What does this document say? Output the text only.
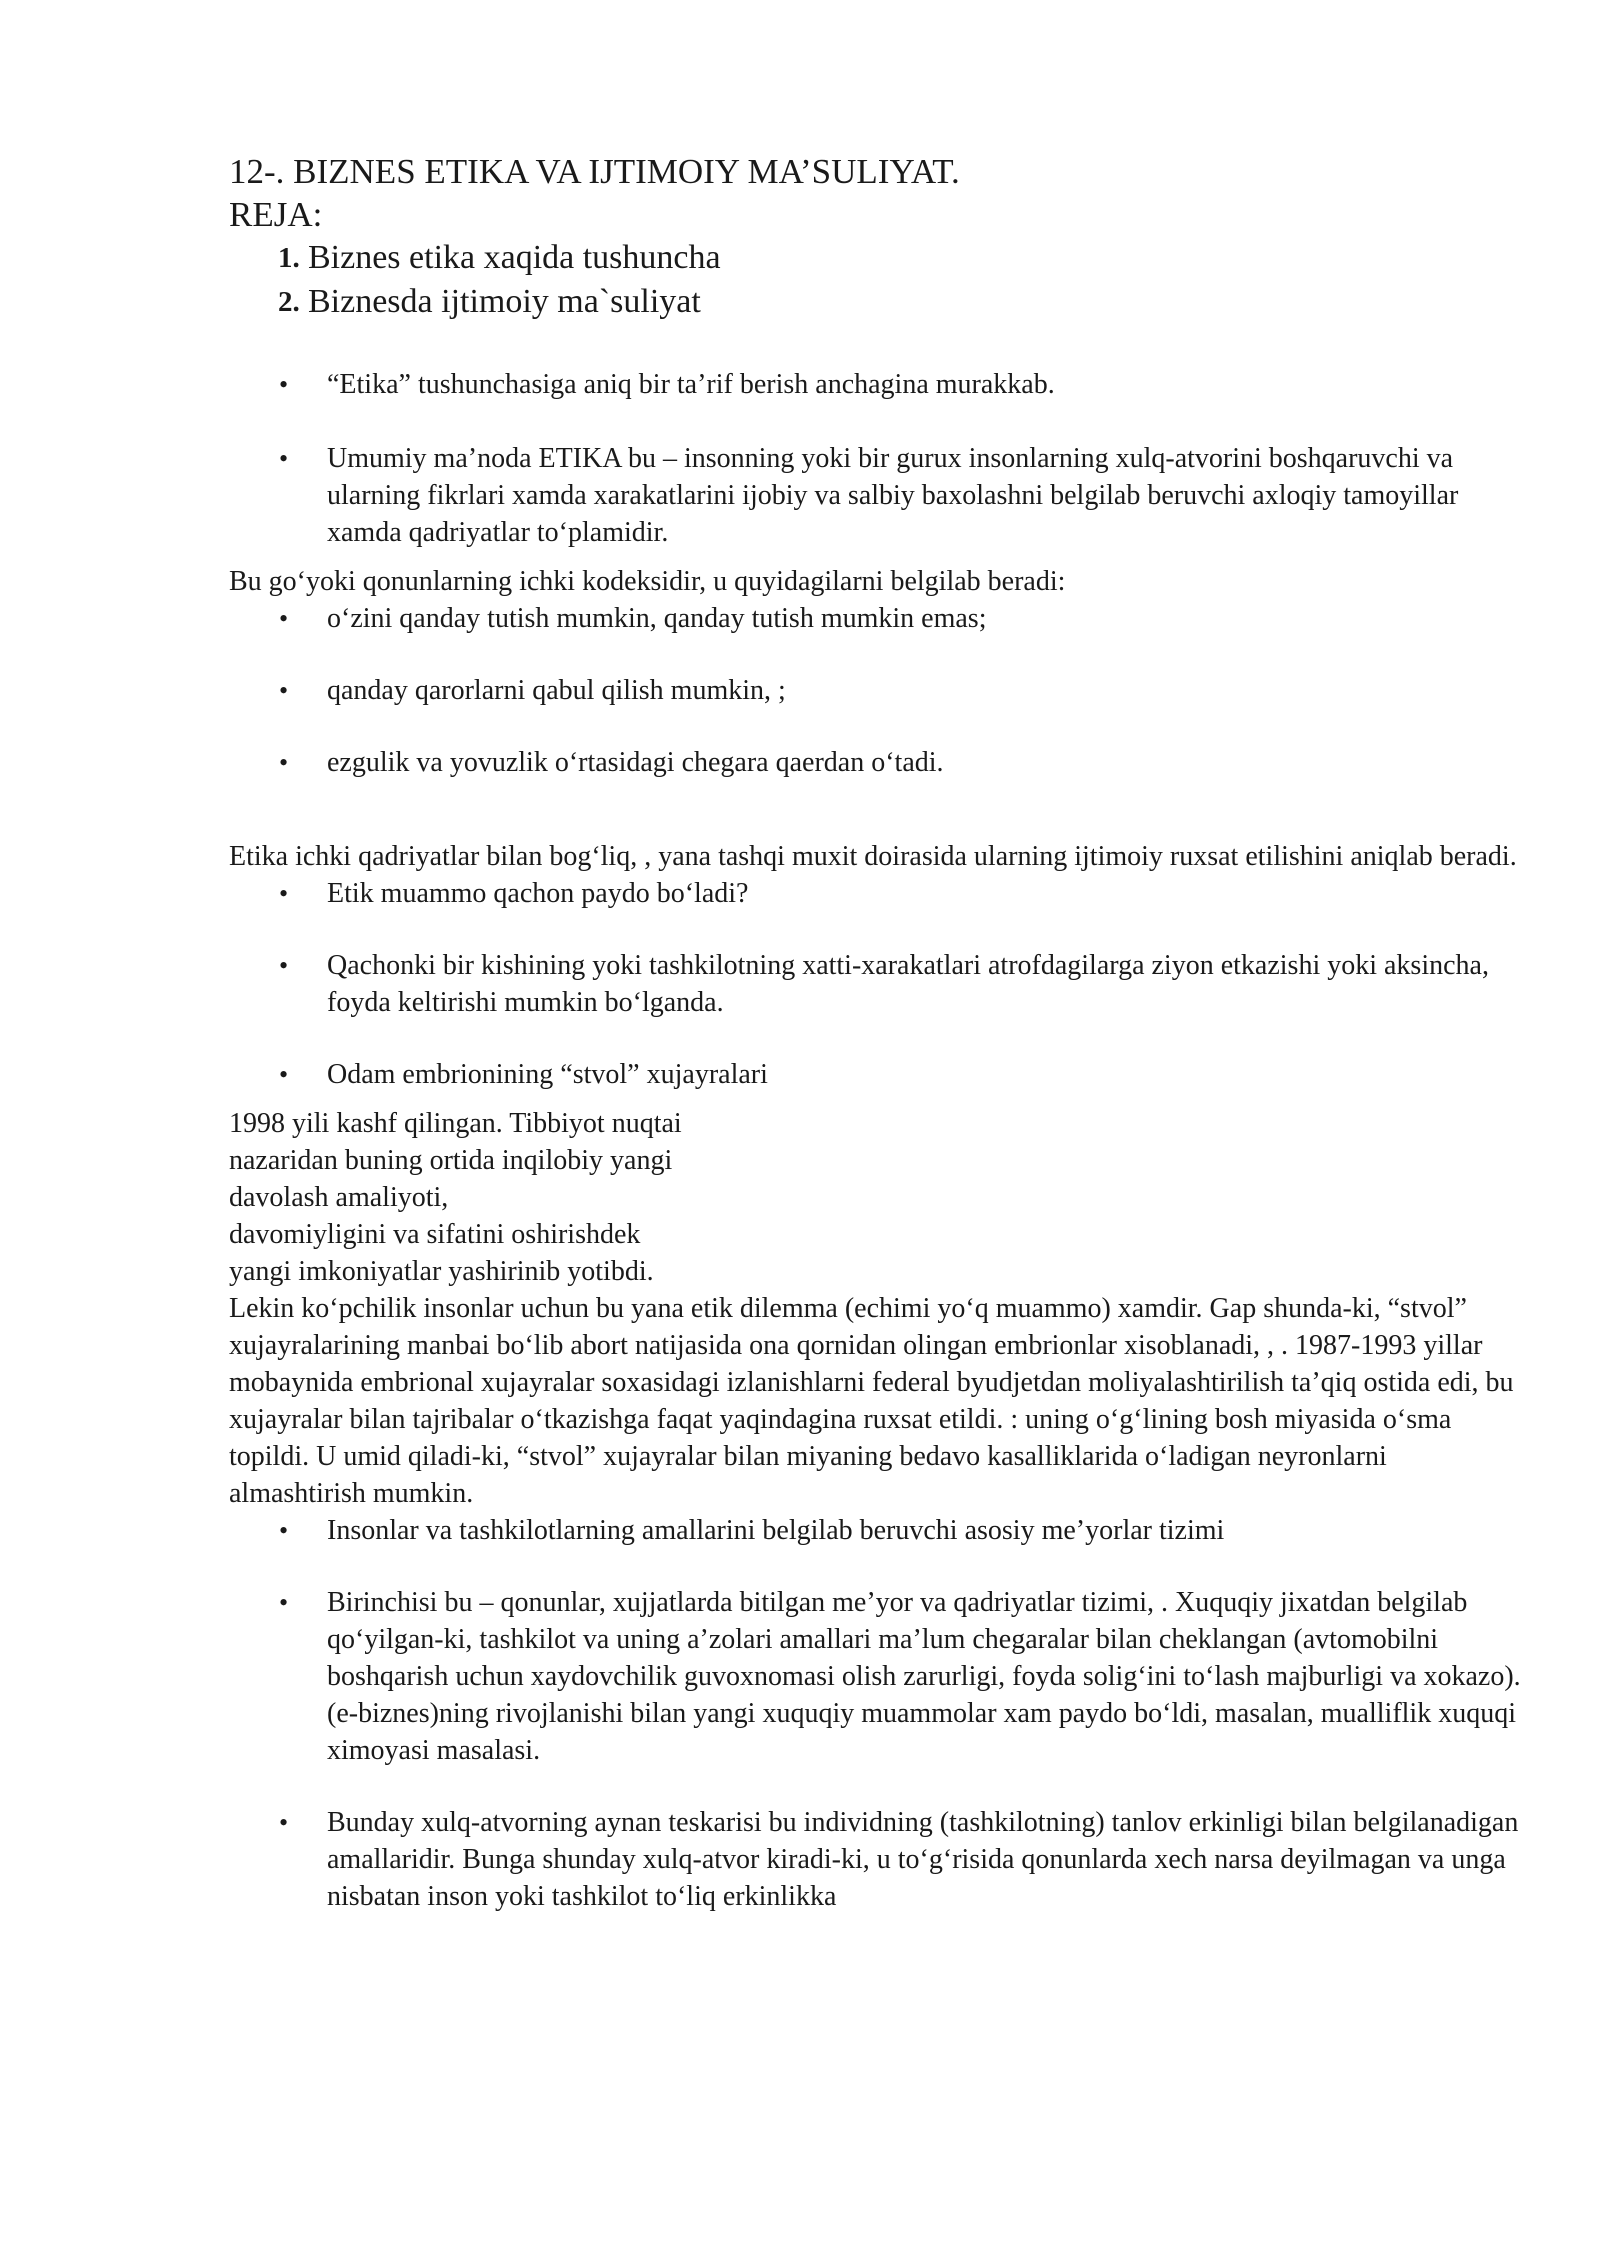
12-. BIZNES ETIKA VA IJTIMOIY MA’SULIYAT.
REJA:
1. Biznes etika xaqida tushuncha
2. Biznesda ijtimoiy ma`suliyat
• “Etika” tushunchasiga aniq bir ta’rif berish anchagina murakkab.
• Umumiy ma’noda ETIKA bu – insonning yoki bir gurux insonlarning xulq-atvorini boshqaruvchi va ularning fikrlari xamda xarakatlarini ijobiy va salbiy baxolashni belgilab beruvchi axloqiy tamoyillar xamda qadriyatlar to‘plamidir.

Bu go‘yoki qonunlarning ichki kodeksidir, u quyidagilarni belgilab beradi:

• o‘zini qanday tutish mumkin, qanday tutish mumkin emas;
• qanday qarorlarni qabul qilish mumkin, ;
• ezgulik va yovuzlik o‘rtasidagi chegara qaerdan o‘tadi.

Etika ichki qadriyatlar bilan bog‘liq, , yana tashqi muxit doirasida ularning ijtimoiy ruxsat etilishini aniqlab beradi.

• Etik muammo qachon paydo bo‘ladi?
• Qachonki bir kishining yoki tashkilotning xatti-xarakatlari atrofdagilarga ziyon etkazishi yoki aksincha, foyda keltirishi mumkin bo‘lganda.
• Odam embrionining “stvol” xujayralari
1998 yili kashf qilingan. Tibbiyot nuqtai
nazaridan buning ortida inqilobiy yangi
davolash amaliyoti,
davomiyligini va sifatini oshirishdek
yangi imkoniyatlar yashirinib yotibdi.

Lekin ko‘pchilik insonlar uchun bu yana etik dilemma (echimi yo‘q muammo) xamdir. Gap shunda-ki, “stvol” xujayralarining manbai bo‘lib abort natijasida ona qornidan olingan embrionlar xisoblanadi, , . 1987-1993 yillar mobaynida embrional xujayralar soxasidagi izlanishlarni federal byudjetdan moliyalashtirilish ta’qiq ostida edi, bu xujayralar bilan tajribalar o‘tkazishga faqat yaqindagina ruxsat etildi. : uning o‘g‘lining bosh miyasida o‘sma topildi. U umid qiladi-ki, “stvol” xujayralar bilan miyaning bedavo kasalliklarida o‘ladigan neyronlarni almashtirish mumkin.

• Insonlar va tashkilotlarning amallarini belgilab beruvchi asosiy me’yorlar tizimi
• Birinchisi bu – qonunlar, xujjatlarda bitilgan me’yor va qadriyatlar tizimi, . Xuquqiy jixatdan belgilab qo‘yilgan-ki, tashkilot va uning a’zolari amallari ma’lum chegaralar bilan cheklangan (avtomobilni boshqarish uchun xaydovchilik guvoxnomasi olish zarurligi, foyda solig‘ini to‘lash majburligi va xokazo). (e-biznes)ning rivojlanishi bilan yangi xuquqiy muammolar xam paydo bo‘ldi, masalan, mualliflik xuquqi ximoyasi masalasi.
• Bunday xulq-atvorning aynan teskarisi bu individning (tashkilotning) tanlov erkinligi bilan belgilanadigan amallaridir. Bunga shunday xulq-atvor kiradi-ki, u to‘g‘risida qonunlarda xech narsa deyilmagan va unga nisbatan inson yoki tashkilot to‘liq erkinlikka
